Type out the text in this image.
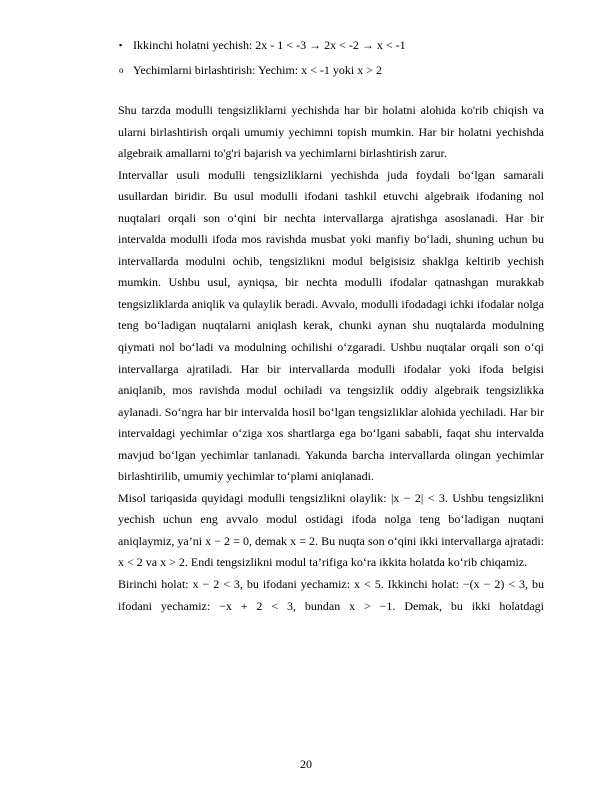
▪ Ikkinchi holatni yechish: 2x - 1 < -3 → 2x < -2 → x < -1
o Yechimlarni birlashtirish: Yechim: x < -1 yoki x > 2

Shu tarzda modulli tengsizliklarni yechishda har bir holatni alohida ko'rib chiqish va ularni birlashtirish orqali umumiy yechimni topish mumkin. Har bir holatni yechishda algebraik amallarni to'g'ri bajarish va yechimlarni birlashtirish zarur.

Intervallar usuli modulli tengsizliklarni yechishda juda foydali bo‘lgan samarali usullardan biridir. Bu usul modulli ifodani tashkil etuvchi algebraik ifodaning nol nuqtalari orqali son o‘qini bir nechta intervallarga ajratishga asoslanadi. Har bir intervalda modulli ifoda mos ravishda musbat yoki manfiy bo‘ladi, shuning uchun bu intervallarda modulni ochib, tengsizlikni modul belgisisiz shaklga keltirib yechish mumkin. Ushbu usul, ayniqsa, bir nechta modulli ifodalar qatnashgan murakkab tengsizliklarda aniqlik va qulaylik beradi. Avvalo, modulli ifodadagi ichki ifodalar nolga teng bo‘ladigan nuqtalarni aniqlash kerak, chunki aynan shu nuqtalarda modulning qiymati nol bo‘ladi va modulning ochilishi o‘zgaradi. Ushbu nuqtalar orqali son o‘qi intervallarga ajratiladi. Har bir intervallarda modulli ifodalar yoki ifoda belgisi aniqlanib, mos ravishda modul ochiladi va tengsizlik oddiy algebraik tengsizlikka aylanadi. So‘ngra har bir intervalda hosil bo‘lgan tengsizliklar alohida yechiladi. Har bir intervaldagi yechimlar o‘ziga xos shartlarga ega bo‘lgani sababli, faqat shu intervalda mavjud bo‘lgan yechimlar tanlanadi. Yakunda barcha intervallarda olingan yechimlar birlashtirilib, umumiy yechimlar to‘plami aniqlanadi.

Misol tariqasida quyidagi modulli tengsizlikni olaylik: |x − 2| < 3. Ushbu tengsizlikni yechish uchun eng avvalo modul ostidagi ifoda nolga teng bo‘ladigan nuqtani aniqlaymiz, ya’ni x − 2 = 0, demak x = 2. Bu nuqta son o‘qini ikki intervallarga ajratadi: x < 2 va x > 2. Endi tengsizlikni modul ta’rifiga ko‘ra ikkita holatda ko‘rib chiqamiz.

Birinchi holat: x − 2 < 3, bu ifodani yechamiz: x < 5. Ikkinchi holat: −(x − 2) < 3, bu ifodani yechamiz: −x + 2 < 3, bundan x > −1. Demak, bu ikki holatdagi

20
